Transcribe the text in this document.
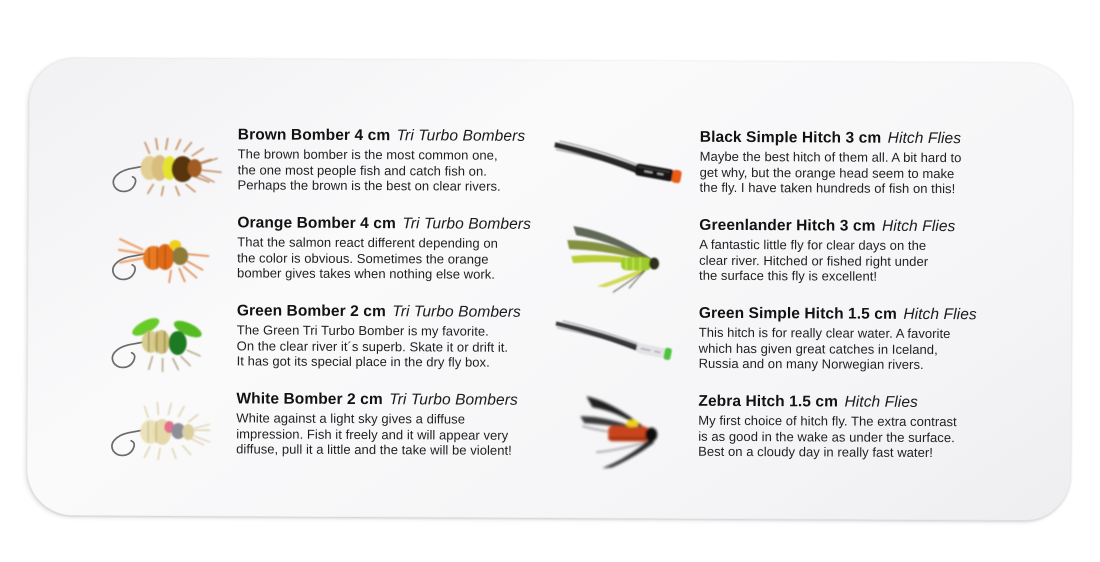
Brown Bomber 4 cm Tri Turbo Bombers
The brown bomber is the most common one,
the one most people fish and catch fish on.
Perhaps the brown is the best on clear rivers.
Orange Bomber 4 cm Tri Turbo Bombers
That the salmon react different depending on
the color is obvious. Sometimes the orange
bomber gives takes when nothing else work.
Green Bomber 2 cm Tri Turbo Bombers
The Green Tri Turbo Bomber is my favorite.
On the clear river it´s superb. Skate it or drift it.
It has got its special place in the dry fly box.
White Bomber 2 cm Tri Turbo Bombers
White against a light sky gives a diffuse
impression. Fish it freely and it will appear very
diffuse, pull it a little and the take will be violent!
Black Simple Hitch 3 cm Hitch Flies
Maybe the best hitch of them all. A bit hard to
get why, but the orange head seem to make
the fly. I have taken hundreds of fish on this!
Greenlander Hitch 3 cm Hitch Flies
A fantastic little fly for clear days on the
clear river. Hitched or fished right under
the surface this fly is excellent!
Green Simple Hitch 1.5 cm Hitch Flies
This hitch is for really clear water. A favorite
which has given great catches in Iceland,
Russia and on many Norwegian rivers.
Zebra Hitch 1.5 cm Hitch Flies
My first choice of hitch fly. The extra contrast
is as good in the wake as under the surface.
Best on a cloudy day in really fast water!
